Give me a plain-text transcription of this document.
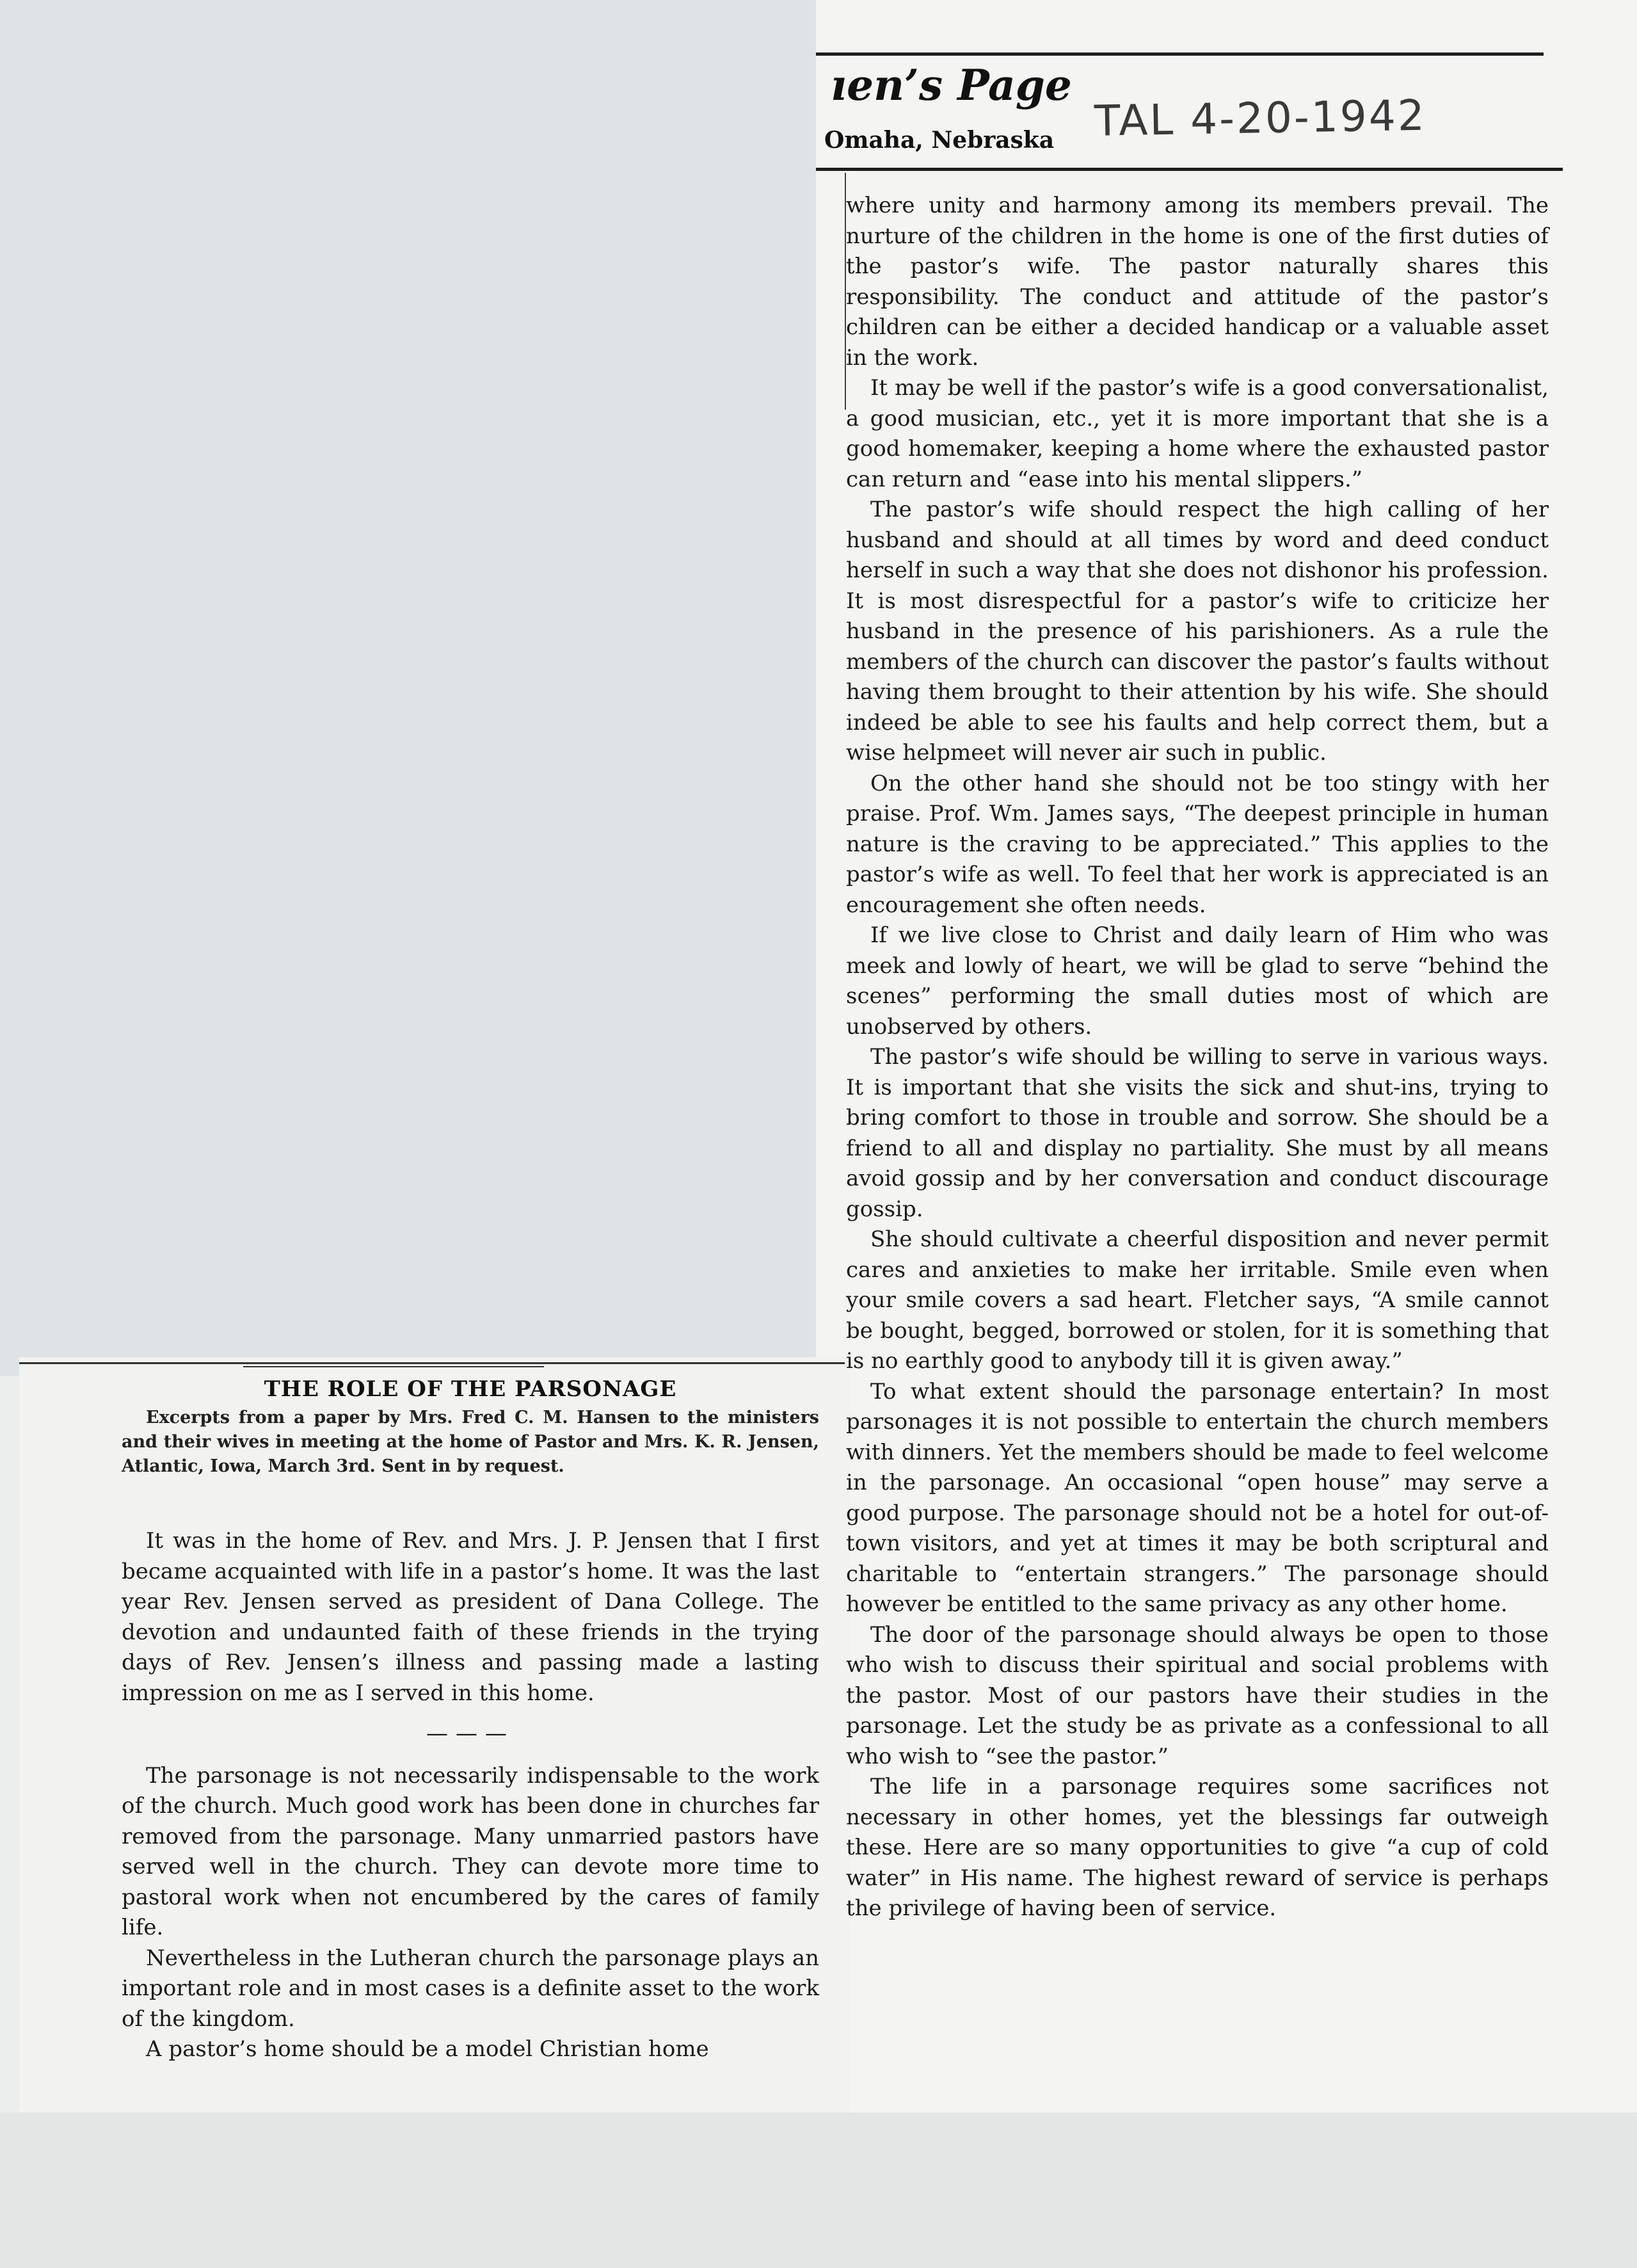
ıen’s Page
Omaha, Nebraska TAL 4-20-1942

where unity and harmony among its members prevail. The nurture of the children in the home is one of the first duties of the pastor’s wife. The pastor naturally shares this responsibility. The conduct and attitude of the pastor’s children can be either a decided handicap or a valuable asset in the work.

It may be well if the pastor’s wife is a good conversationalist, a good musician, etc., yet it is more important that she is a good homemaker, keeping a home where the exhausted pastor can return and “ease into his mental slippers.”

The pastor’s wife should respect the high calling of her husband and should at all times by word and deed conduct herself in such a way that she does not dishonor his profession. It is most disrespectful for a pastor’s wife to criticize her husband in the presence of his parishioners. As a rule the members of the church can discover the pastor’s faults without having them brought to their attention by his wife. She should indeed be able to see his faults and help correct them, but a wise helpmeet will never air such in public.

On the other hand she should not be too stingy with her praise. Prof. Wm. James says, “The deepest principle in human nature is the craving to be appreciated.” This applies to the pastor’s wife as well. To feel that her work is appreciated is an encouragement she often needs.

If we live close to Christ and daily learn of Him who was meek and lowly of heart, we will be glad to serve “behind the scenes” performing the small duties most of which are unobserved by others.

The pastor’s wife should be willing to serve in various ways. It is important that she visits the sick and shut-ins, trying to bring comfort to those in trouble and sorrow. She should be a friend to all and display no partiality. She must by all means avoid gossip and by her conversation and conduct discourage gossip.

She should cultivate a cheerful disposition and never permit cares and anxieties to make her irritable. Smile even when your smile covers a sad heart. Fletcher says, “A smile cannot be bought, begged, borrowed or stolen, for it is something that is no earthly good to anybody till it is given away.”

To what extent should the parsonage entertain? In most parsonages it is not possible to entertain the church members with dinners. Yet the members should be made to feel welcome in the parsonage. An occasional “open house” may serve a good purpose. The parsonage should not be a hotel for out-of-town visitors, and yet at times it may be both scriptural and charitable to “entertain strangers.” The parsonage should however be entitled to the same privacy as any other home.

The door of the parsonage should always be open to those who wish to discuss their spiritual and social problems with the pastor. Most of our pastors have their studies in the parsonage. Let the study be as private as a confessional to all who wish to “see the pastor.”

The life in a parsonage requires some sacrifices not necessary in other homes, yet the blessings far outweigh these. Here are so many opportunities to give “a cup of cold water” in His name. The highest reward of service is perhaps the privilege of having been of service.

THE ROLE OF THE PARSONAGE

Excerpts from a paper by Mrs. Fred C. M. Hansen to the ministers and their wives in meeting at the home of Pastor and Mrs. K. R. Jensen, Atlantic, Iowa, March 3rd. Sent in by request.

It was in the home of Rev. and Mrs. J. P. Jensen that I first became acquainted with life in a pastor’s home. It was the last year Rev. Jensen served as president of Dana College. The devotion and undaunted faith of these friends in the trying days of Rev. Jensen’s illness and passing made a lasting impression on me as I served in this home.

———

The parsonage is not necessarily indispensable to the work of the church. Much good work has been done in churches far removed from the parsonage. Many unmarried pastors have served well in the church. They can devote more time to pastoral work when not encumbered by the cares of family life.

Nevertheless in the Lutheran church the parsonage plays an important role and in most cases is a definite asset to the work of the kingdom.

A pastor’s home should be a model Christian home
